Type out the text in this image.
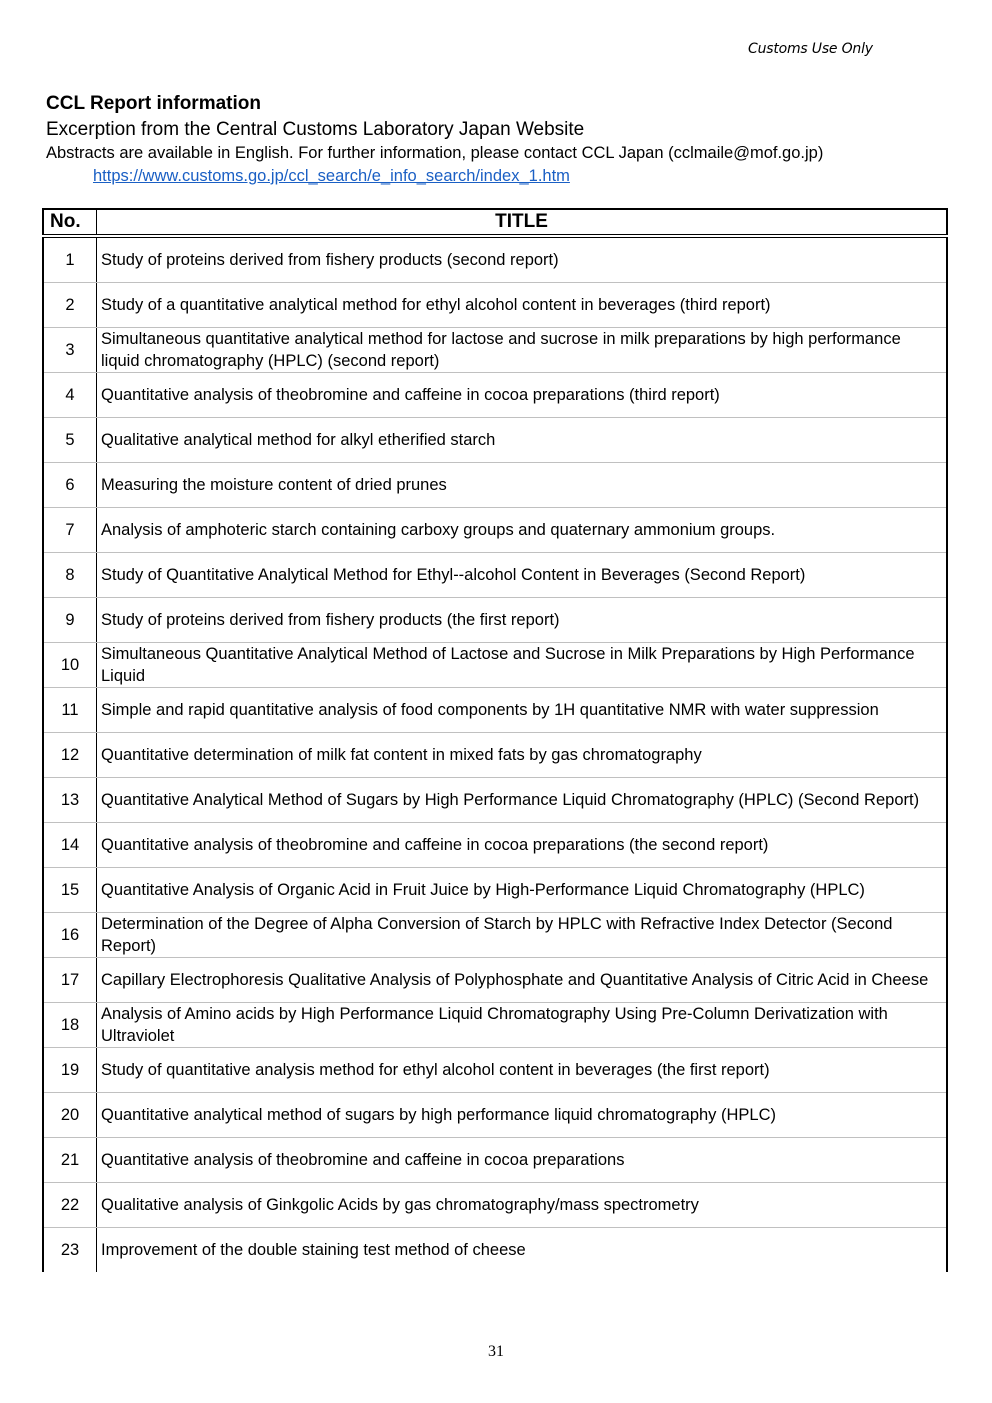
Customs Use Only
CCL Report information
Excerption from the Central Customs Laboratory Japan Website
Abstracts are available in English. For further information, please contact CCL Japan (cclmaile@mof.go.jp)
https://www.customs.go.jp/ccl_search/e_info_search/index_1.htm
No.	TITLE
1	Study of proteins derived from fishery products (second report)
2	Study of a quantitative analytical method for ethyl alcohol content in beverages (third report)
3	Simultaneous quantitative analytical method for lactose and sucrose in milk preparations by high performance liquid chromatography (HPLC) (second report)
4	Quantitative analysis of theobromine and caffeine in cocoa preparations (third report)
5	Qualitative analytical method for alkyl etherified starch
6	Measuring the moisture content of dried prunes
7	Analysis of amphoteric starch containing carboxy groups and quaternary ammonium groups.
8	Study of Quantitative Analytical Method for Ethyl--alcohol Content in Beverages (Second Report)
9	Study of proteins derived from fishery products (the first report)
10	Simultaneous Quantitative Analytical Method of Lactose and Sucrose in Milk Preparations by High Performance Liquid
11	Simple and rapid quantitative analysis of food components by 1H quantitative NMR with water suppression
12	Quantitative determination of milk fat content in mixed fats by gas chromatography
13	Quantitative Analytical Method of Sugars by High Performance Liquid Chromatography (HPLC) (Second Report)
14	Quantitative analysis of theobromine and caffeine in cocoa preparations (the second report)
15	Quantitative Analysis of Organic Acid in Fruit Juice by High-Performance Liquid Chromatography (HPLC)
16	Determination of the Degree of Alpha Conversion of Starch by HPLC with Refractive Index Detector (Second Report)
17	Capillary Electrophoresis Qualitative Analysis of Polyphosphate and Quantitative Analysis of Citric Acid in Cheese
18	Analysis of Amino acids by High Performance Liquid Chromatography Using Pre-Column Derivatization with Ultraviolet
19	Study of quantitative analysis method for ethyl alcohol content in beverages (the first report)
20	Quantitative analytical method of sugars by high performance liquid chromatography (HPLC)
21	Quantitative analysis of theobromine and caffeine in cocoa preparations
22	Qualitative analysis of Ginkgolic Acids by gas chromatography/mass spectrometry
23	Improvement of the double staining test method of cheese
31
